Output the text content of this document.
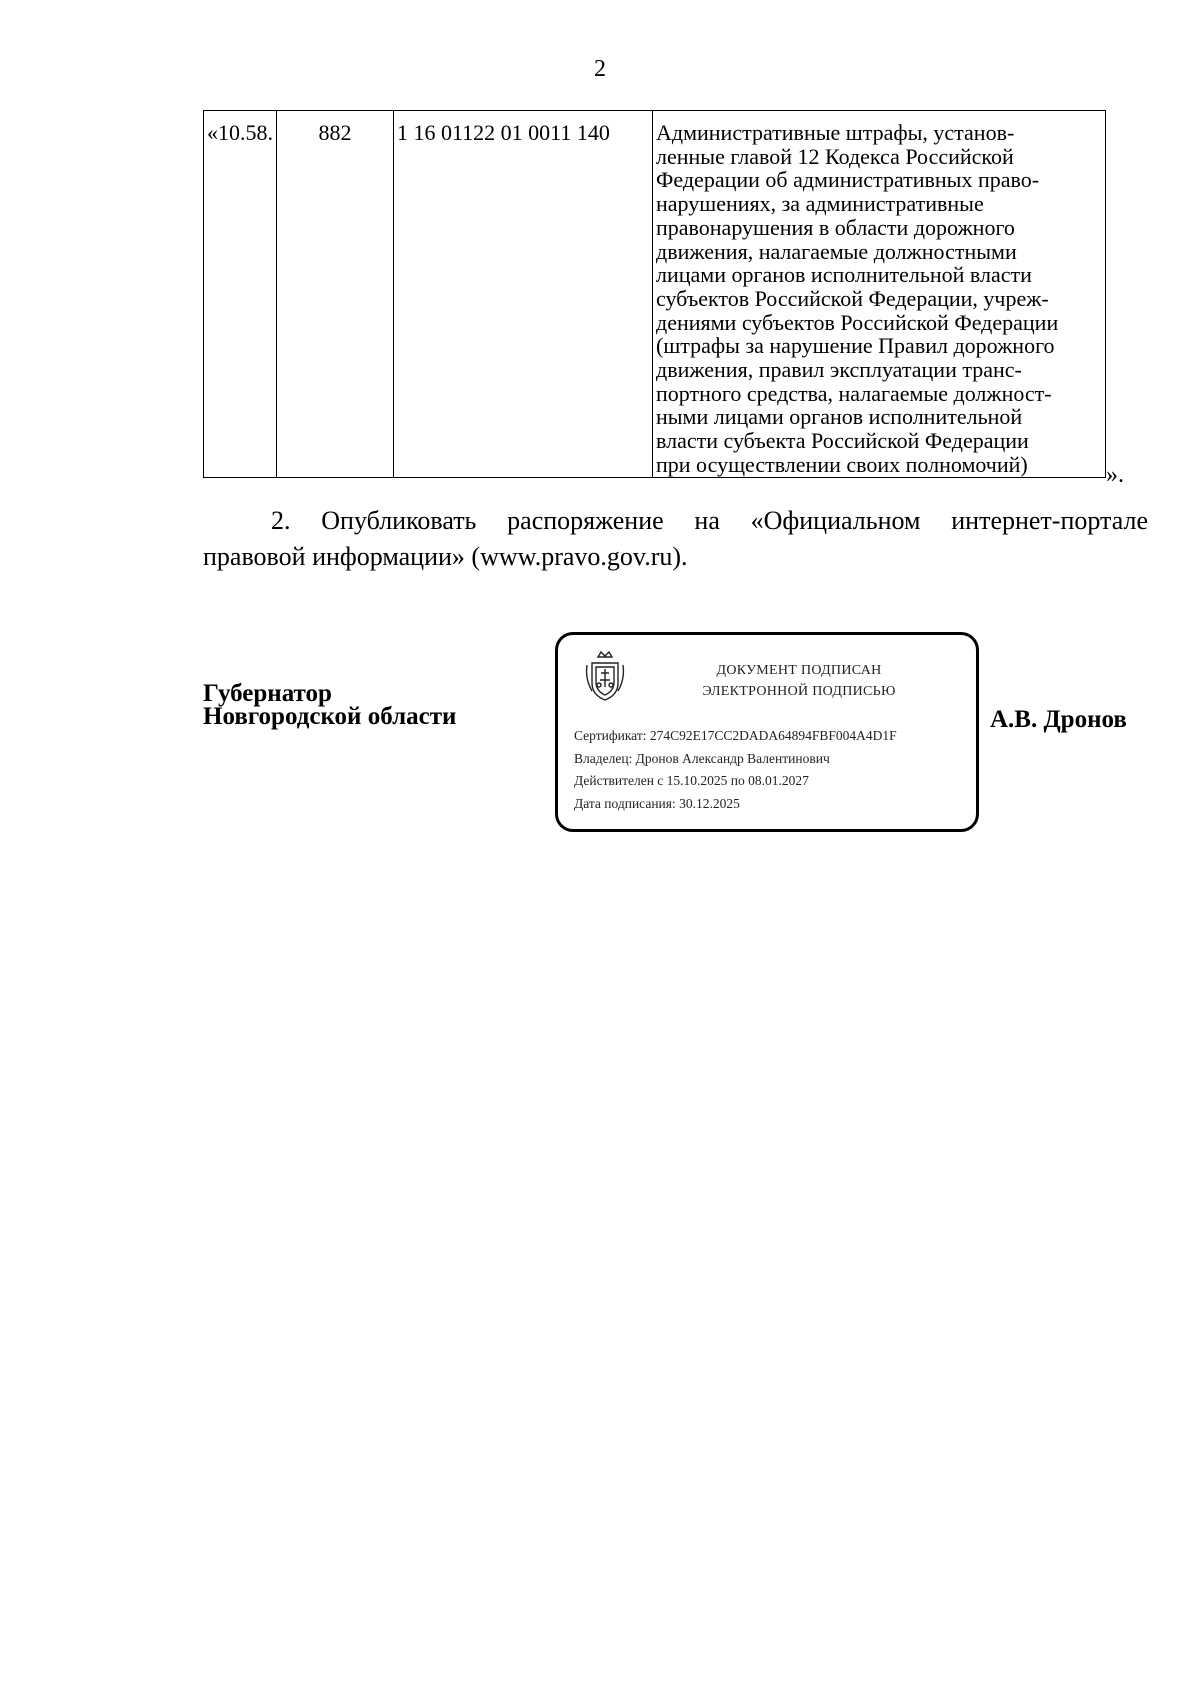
2
«10.58.	882	1 16 01122 01 0011 140	Административные штрафы, установ-
ленные главой 12 Кодекса Российской
Федерации об административных право-
нарушениях, за административные
правонарушения в области дорожного
движения, налагаемые должностными
лицами органов исполнительной власти
субъектов Российской Федерации, учреж-
дениями субъектов Российской Федерации
(штрафы за нарушение Правил дорожного
движения, правил эксплуатации транс-
портного средства, налагаемые должност-
ными лицами органов исполнительной
власти субъекта Российской Федерации
при осуществлении своих полномочий)	».
2. Опубликовать распоряжение на «Официальном интернет-портале
правовой информации» (www.pravo.gov.ru).
Губернатор
Новгородской области
ДОКУМЕНТ ПОДПИСАН
ЭЛЕКТРОННОЙ ПОДПИСЬЮ
Сертификат: 274C92E17CC2DADA64894FBF004A4D1F
Владелец: Дронов Александр Валентинович
Действителен с 15.10.2025 по 08.01.2027
Дата подписания: 30.12.2025
А.В. Дронов
